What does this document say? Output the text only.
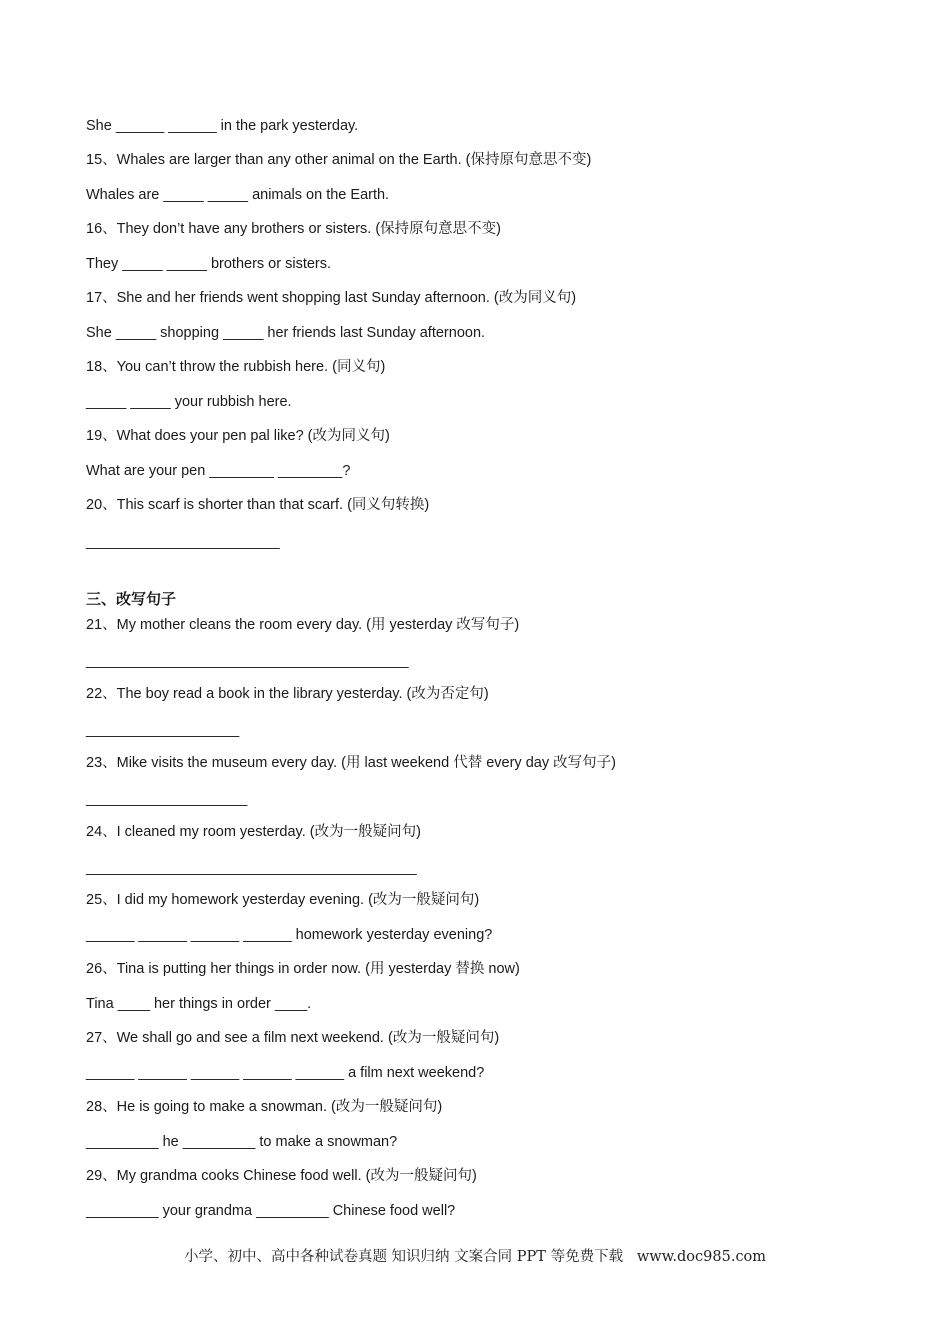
She ______ ______ in the park yesterday.

15、Whales are larger than any other animal on the Earth. (保持原句意思不变)

Whales are _____ _____ animals on the Earth.

16、They don’t have any brothers or sisters. (保持原句意思不变)

They _____ _____ brothers or sisters.

17、She and her friends went shopping last Sunday afternoon. (改为同义句)

She _____ shopping _____ her friends last Sunday afternoon.

18、You can’t throw the rubbish here. (同义句)

_____ _____ your rubbish here.

19、What does your pen pal like? (改为同义句)

What are your pen ________ ________?

20、This scarf is shorter than that scarf. (同义句转换)

________________________

三、改写句子

21、My mother cleans the room every day. (用 yesterday 改写句子)

________________________________________

22、The boy read a book in the library yesterday. (改为否定句)

___________________

23、Mike visits the museum every day. (用 last weekend 代替 every day 改写句子)

____________________

24、I cleaned my room yesterday. (改为一般疑问句)

_________________________________________

25、I did my homework yesterday evening. (改为一般疑问句)

______ ______ ______ ______ homework yesterday evening?

26、Tina is putting her things in order now. (用 yesterday 替换 now)

Tina ____ her things in order ____.

27、We shall go and see a film next weekend. (改为一般疑问句)

______ ______ ______ ______ ______ a film next weekend?

28、He is going to make a snowman. (改为一般疑问句)

_________ he _________ to make a snowman?

29、My grandma cooks Chinese food well. (改为一般疑问句)

_________ your grandma _________ Chinese food well?

小学、初中、高中各种试卷真题 知识归纳 文案合同 PPT 等免费下载   www.doc985.com
